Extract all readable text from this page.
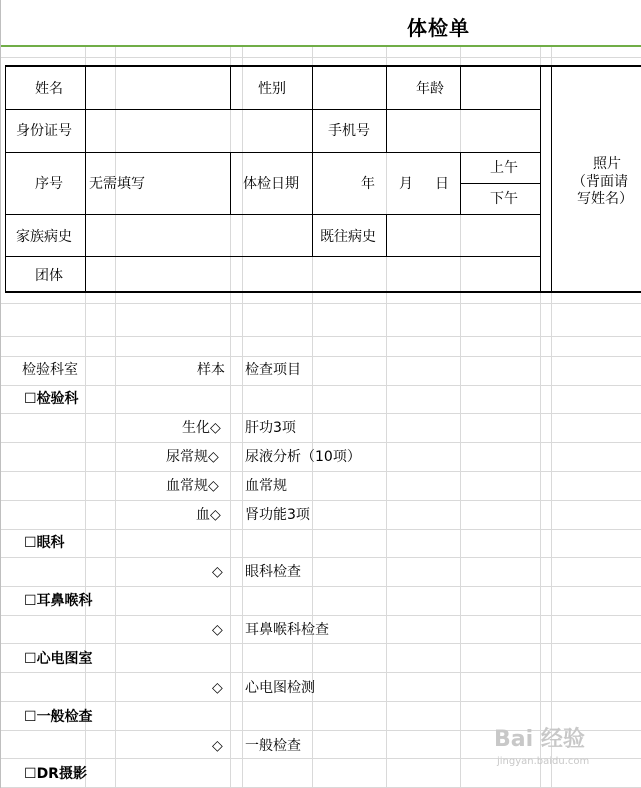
体检单
姓名	性别	年龄
身份证号	手机号
序号 无需填写	体检日期	年 月 日
上午
下午
照片
（背面请
写姓名）
家族病史	既往病史
团体
检验科室	样本 检查项目
☐检验科
生化◇ 肝功3项
尿常规◇ 尿液分析（10项）
血常规◇ 血常规
血◇ 肾功能3项
☐眼科
◇ 眼科检查
☐耳鼻喉科
◇ 耳鼻喉科检查
☐心电图室
◇ 心电图检测
☐一般检查
◇ 一般检查
☐DR摄影
Bai 经验
jingyan.baidu.com
